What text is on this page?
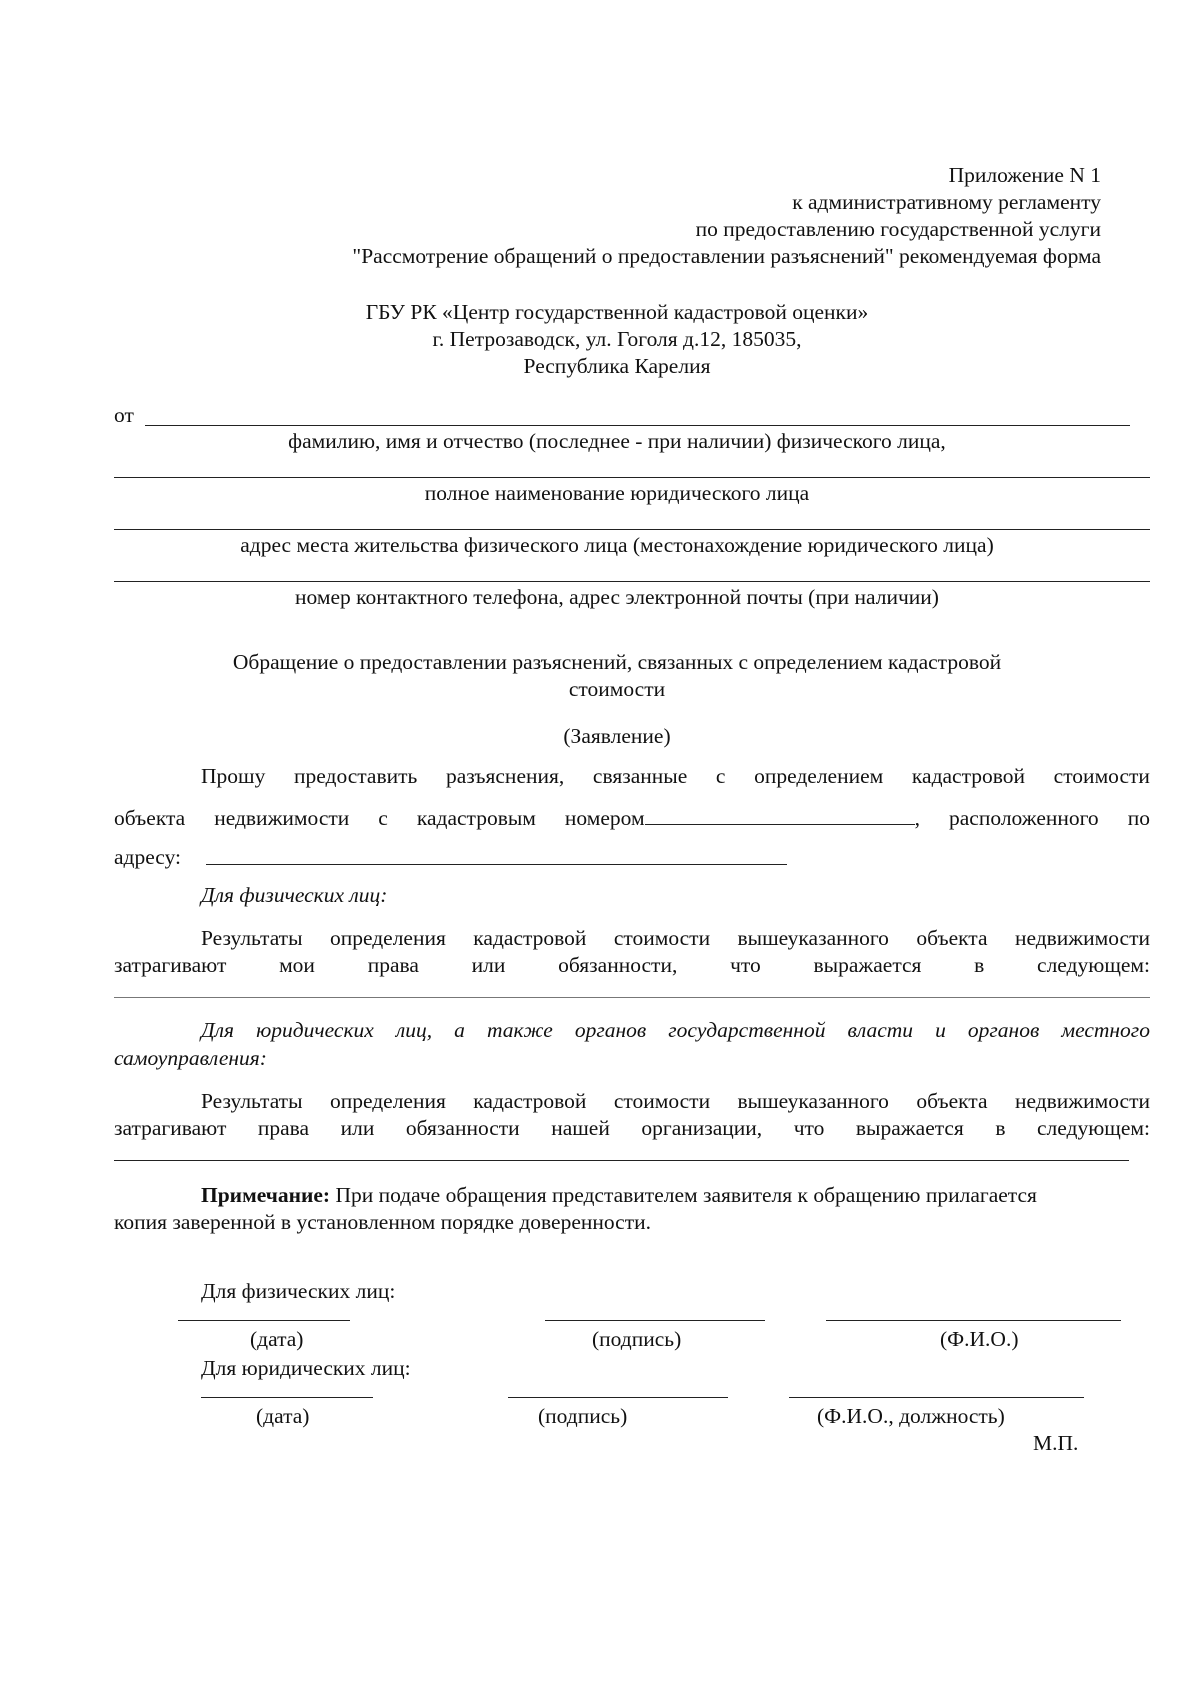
Приложение N 1
к административному регламенту
по предоставлению государственной услуги
"Рассмотрение обращений о предоставлении разъяснений" рекомендуемая форма
ГБУ РК «Центр государственной кадастровой оценки»
г. Петрозаводск, ул. Гоголя д.12, 185035,
Республика Карелия
от
фамилию, имя и отчество (последнее - при наличии) физического лица,
полное наименование юридического лица
адрес места жительства физического лица (местонахождение юридического лица)
номер контактного телефона, адрес электронной почты (при наличии)
Обращение о предоставлении разъяснений, связанных с определением кадастровой
стоимости
(Заявление)
Прошу предоставить разъяснения, связанные с определением кадастровой стоимости
объекта недвижимости с кадастровым номером	, расположенного по
адресу:
Для физических лиц:
Результаты определения кадастровой стоимости вышеуказанного объекта недвижимости
затрагивают мои права или обязанности, что выражается в следующем:
Для юридических лиц, а также органов государственной власти и органов местного
самоуправления:
Результаты определения кадастровой стоимости вышеуказанного объекта недвижимости
затрагивают права или обязанности нашей организации, что выражается в следующем:
Примечание: При подаче обращения представителем заявителя к обращению прилагается
копия заверенной в установленном порядке доверенности.
Для физических лиц:
(дата)	(подпись)	(Ф.И.О.)
Для юридических лиц:
(дата)	(подпись)	(Ф.И.О., должность)
М.П.
